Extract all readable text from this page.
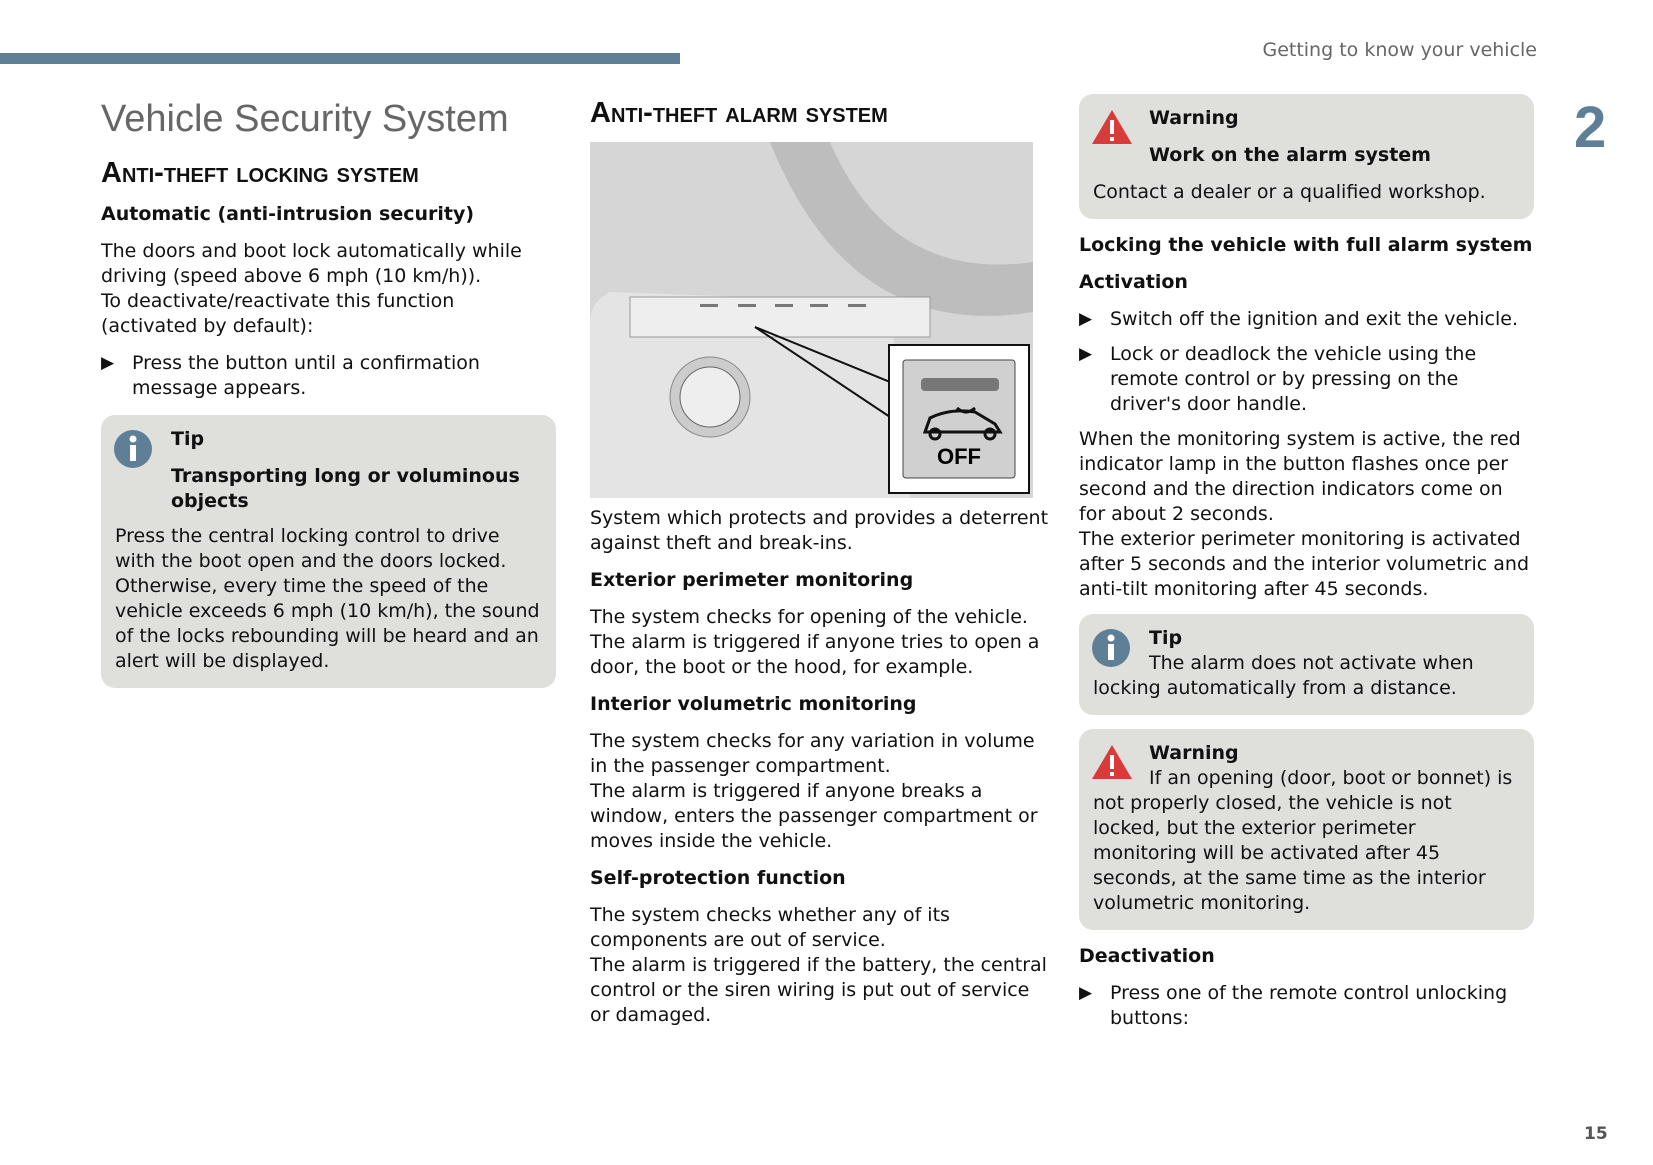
Getting to know your vehicle
2
15
Vehicle Security System
Anti-theft locking system
Automatic (anti-intrusion security)

The doors and boot lock automatically while driving (speed above 6 mph (10 km/h)).

To deactivate/reactivate this function (activated by default):

▶ Press the button until a confirmation message appears.
Tip
Transporting long or voluminous objects
Press the central locking control to drive with the boot open and the doors locked. Otherwise, every time the speed of the vehicle exceeds 6 mph (10 km/h), the sound of the locks rebounding will be heard and an alert will be displayed.
Anti-theft alarm system
OFF

System which protects and provides a deterrent against theft and break-ins.

Exterior perimeter monitoring

The system checks for opening of the vehicle. The alarm is triggered if anyone tries to open a door, the boot or the hood, for example.

Interior volumetric monitoring

The system checks for any variation in volume in the passenger compartment.

The alarm is triggered if anyone breaks a window, enters the passenger compartment or moves inside the vehicle.

Self-protection function

The system checks whether any of its components are out of service.

The alarm is triggered if the battery, the central control or the siren wiring is put out of service or damaged.

Warning
Work on the alarm system
Contact a dealer or a qualified workshop.
Locking the vehicle with full alarm system
Activation
▶ Switch off the ignition and exit the vehicle.
▶ Lock or deadlock the vehicle using the remote control or by pressing on the driver's door handle.

When the monitoring system is active, the red indicator lamp in the button flashes once per second and the direction indicators come on for about 2 seconds.

The exterior perimeter monitoring is activated after 5 seconds and the interior volumetric and anti-tilt monitoring after 45 seconds.

Tip
The alarm does not activate when locking automatically from a distance.
Warning
If an opening (door, boot or bonnet) is not properly closed, the vehicle is not locked, but the exterior perimeter monitoring will be activated after 45 seconds, at the same time as the interior volumetric monitoring.
Deactivation
▶ Press one of the remote control unlocking buttons:
